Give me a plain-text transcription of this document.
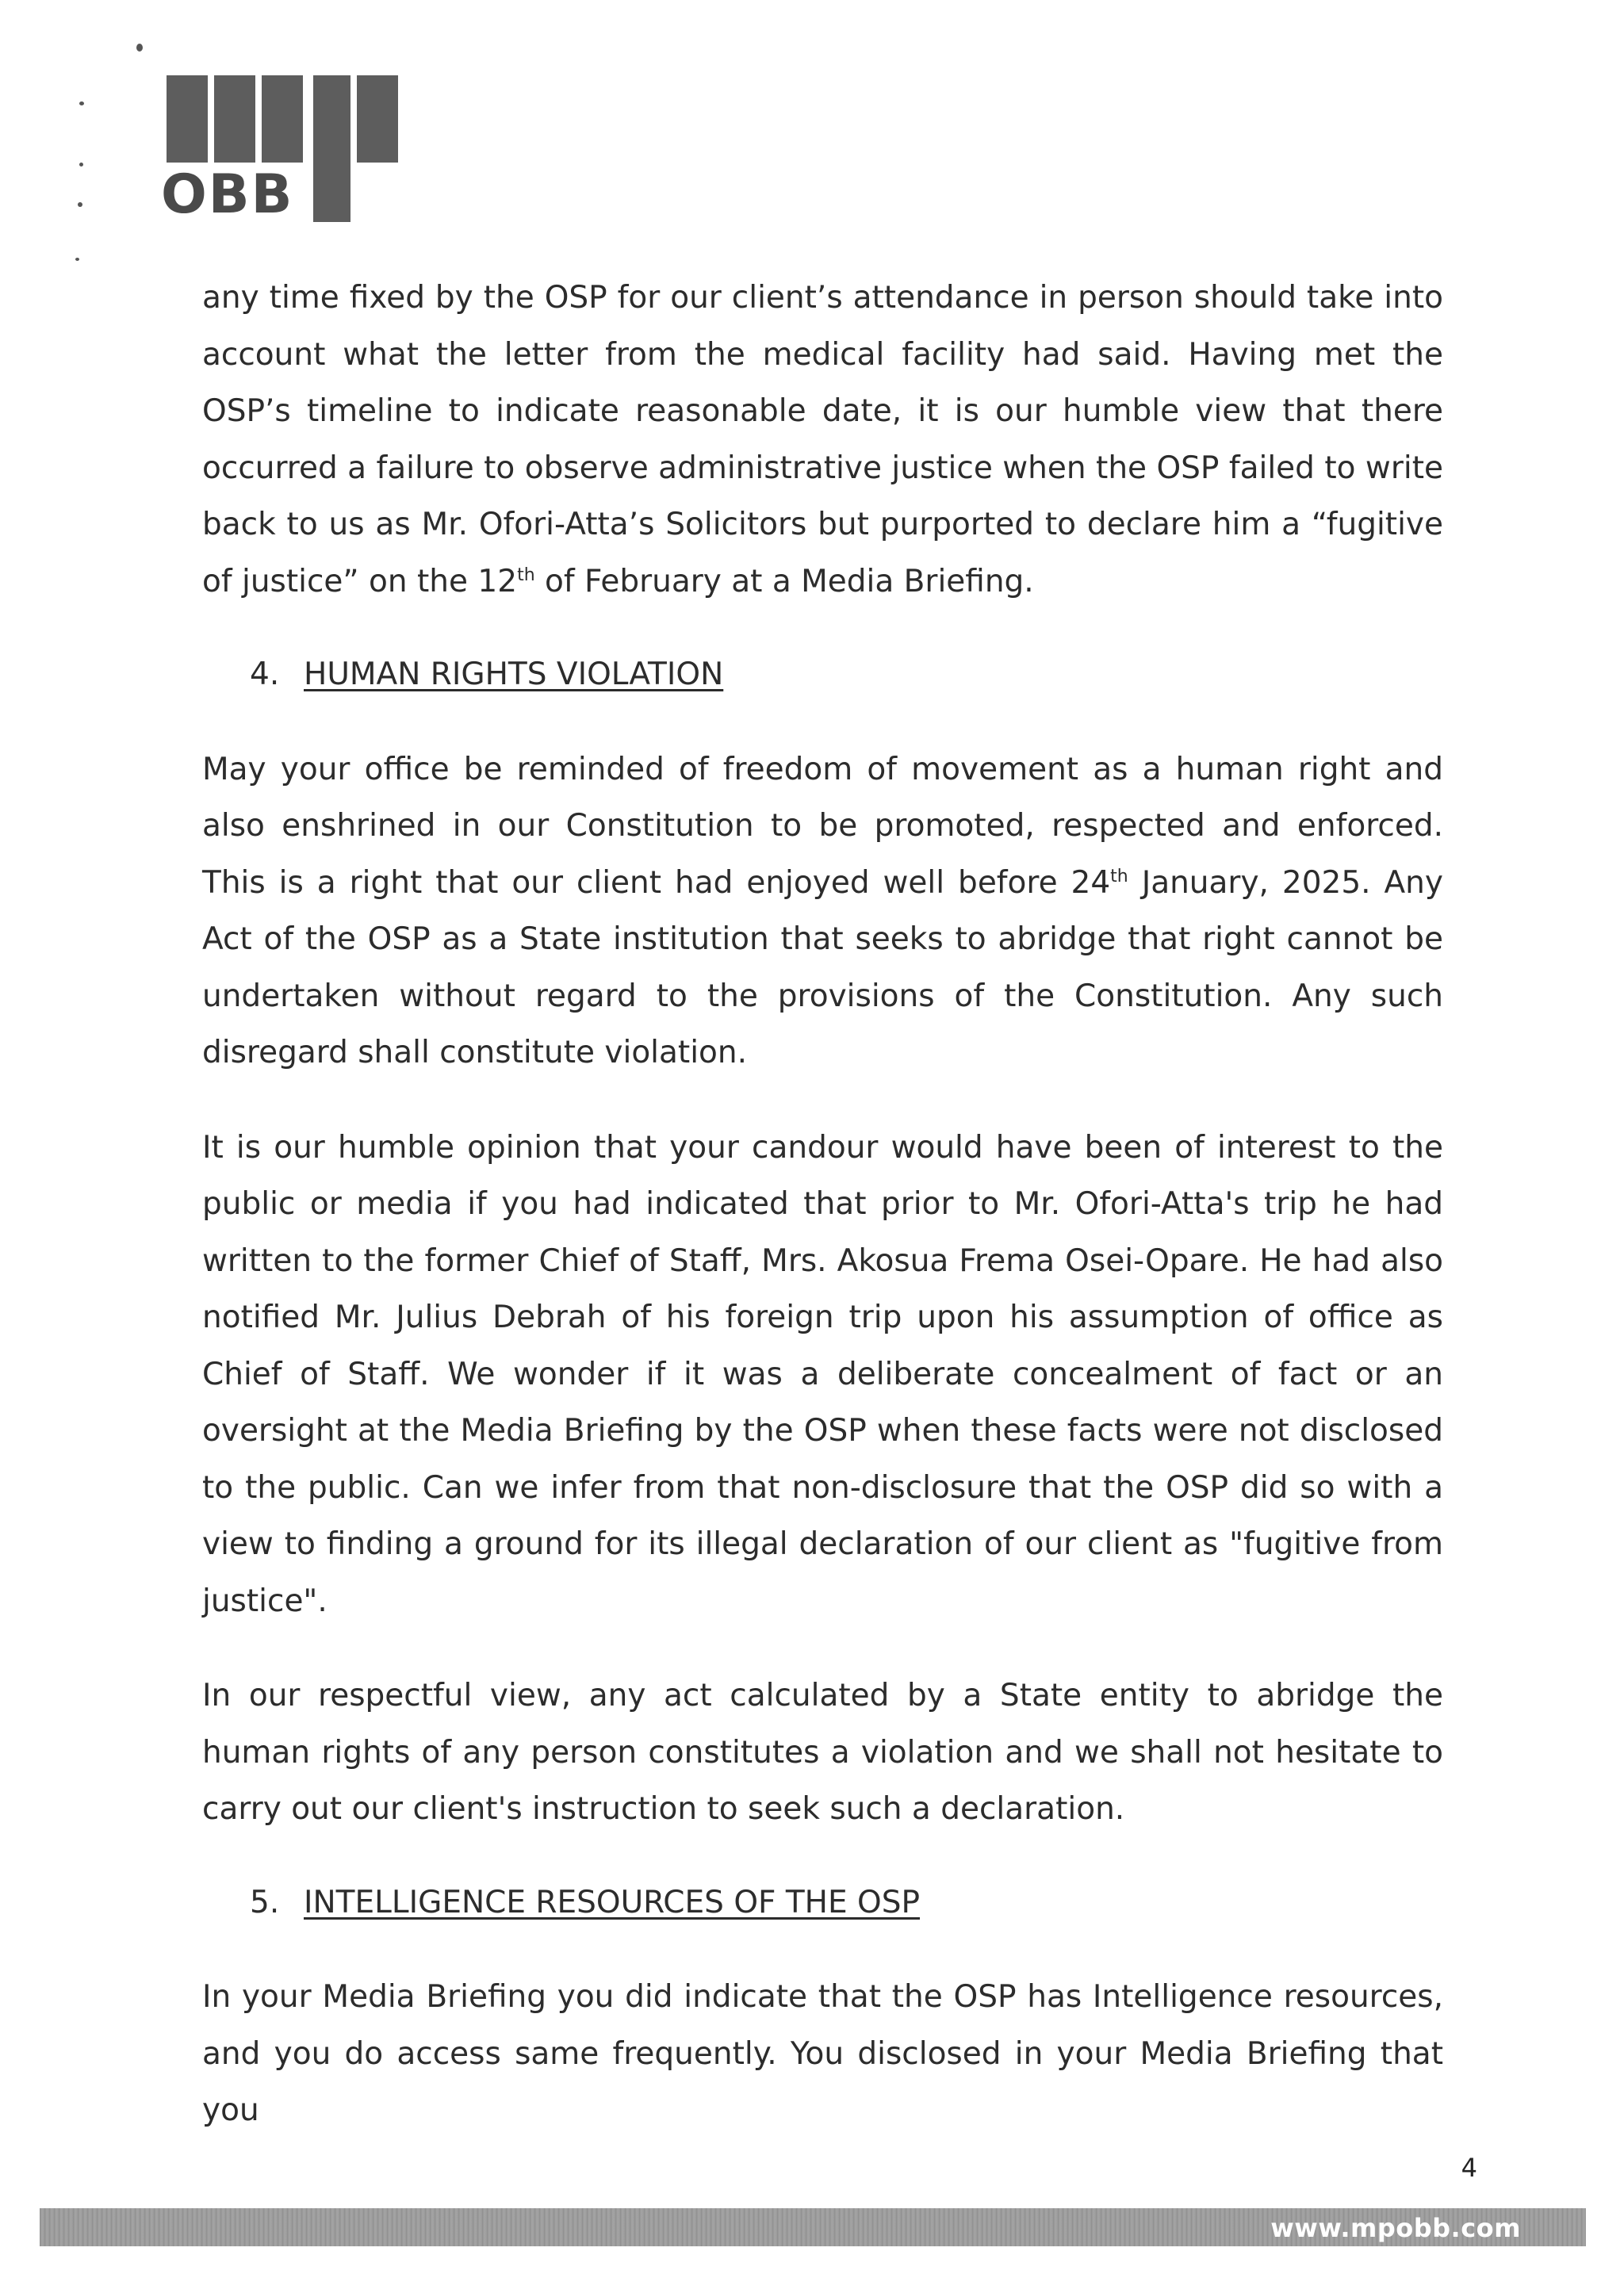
OBB

any time fixed by the OSP for our client’s attendance in person should take into account what the letter from the medical facility had said. Having met the OSP’s timeline to indicate reasonable date, it is our humble view that there occurred a failure to observe administrative justice when the OSP failed to write back to us as Mr. Ofori-Atta’s Solicitors but purported to declare him a “fugitive of justice” on the 12th of February at a Media Briefing.

4. HUMAN RIGHTS VIOLATION

May your office be reminded of freedom of movement as a human right and also enshrined in our Constitution to be promoted, respected and enforced. This is a right that our client had enjoyed well before 24th January, 2025. Any Act of the OSP as a State institution that seeks to abridge that right cannot be undertaken without regard to the provisions of the Constitution. Any such disregard shall constitute violation.

It is our humble opinion that your candour would have been of interest to the public or media if you had indicated that prior to Mr. Ofori-Atta's trip he had written to the former Chief of Staff, Mrs. Akosua Frema Osei-Opare. He had also notified Mr. Julius Debrah of his foreign trip upon his assumption of office as Chief of Staff. We wonder if it was a deliberate concealment of fact or an oversight at the Media Briefing by the OSP when these facts were not disclosed to the public. Can we infer from that non-disclosure that the OSP did so with a view to finding a ground for its illegal declaration of our client as "fugitive from justice".

In our respectful view, any act calculated by a State entity to abridge the human rights of any person constitutes a violation and we shall not hesitate to carry out our client's instruction to seek such a declaration.

5. INTELLIGENCE RESOURCES OF THE OSP

In your Media Briefing you did indicate that the OSP has Intelligence resources, and you do access same frequently. You disclosed in your Media Briefing that you

4
www.mpobb.com
